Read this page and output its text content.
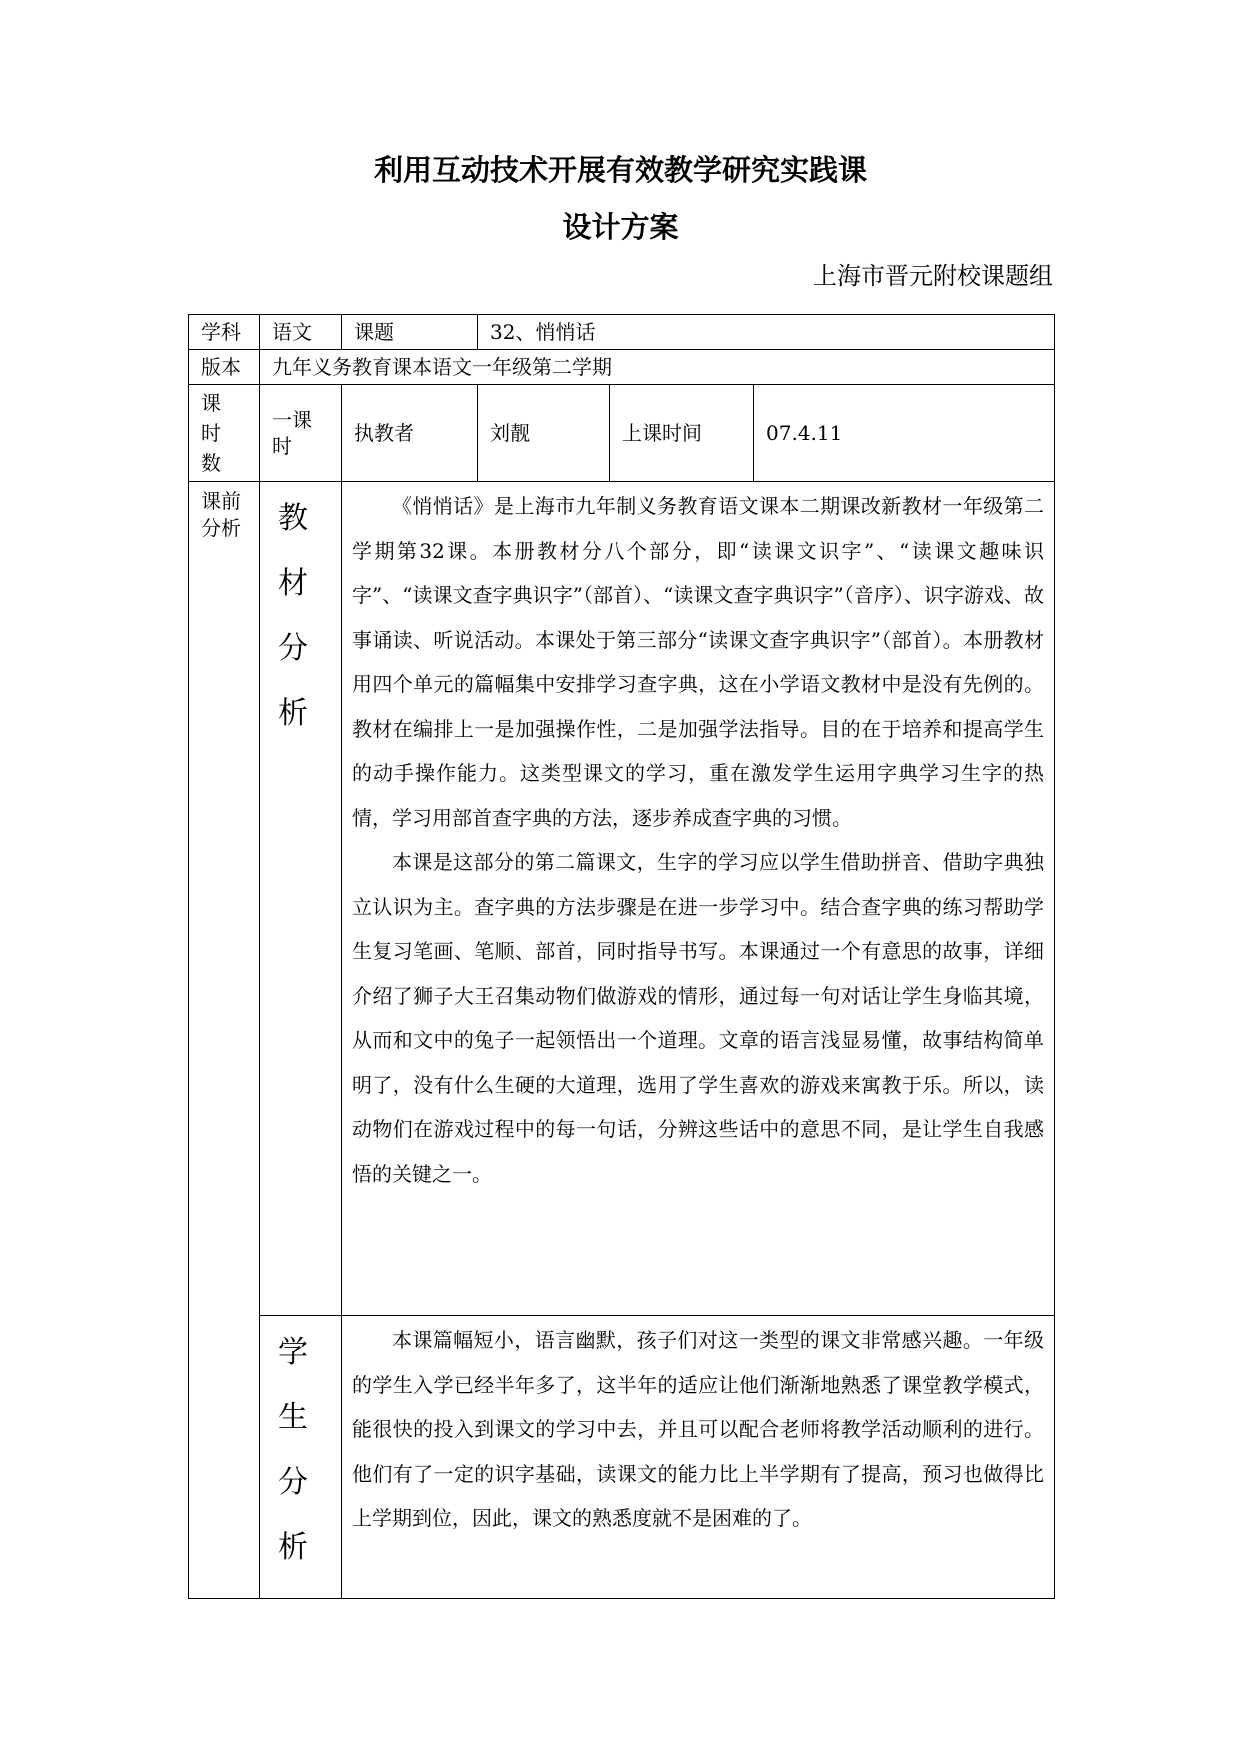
利用互动技术开展有效教学研究实践课
设计方案
上海市晋元附校课题组
学科	语文	课题	32、悄悄话		
版本	九年义务教育课本语文一年级第二学期				
课 时 数	一课时	执教者	刘靓	上课时间	07.4.11
课前分析	教材分析	《悄悄话》是上海市九年制义务教育语文课本二期课改新教材一年级第二学期第32课。本册教材分八个部分，即“读课文识字”、“读课文趣味识字”、“读课文查字典识字”（部首）、“读课文查字典识字”（音序）、识字游戏、故事诵读、听说活动。本课处于第三部分“读课文查字典识字”（部首）。本册教材用四个单元的篇幅集中安排学习查字典，这在小学语文教材中是没有先例的。教材在编排上一是加强操作性，二是加强学法指导。目的在于培养和提高学生的动手操作能力。这类型课文的学习，重在激发学生运用字典学习生字的热情，学习用部首查字典的方法，逐步养成查字典的习惯。

本课是这部分的第二篇课文，生字的学习应以学生借助拼音、借助字典独立认识为主。查字典的方法步骤是在进一步学习中。结合查字典的练习帮助学生复习笔画、笔顺、部首，同时指导书写。本课通过一个有意思的故事，详细介绍了狮子大王召集动物们做游戏的情形，通过每一句对话让学生身临其境，从而和文中的兔子一起领悟出一个道理。文章的语言浅显易懂，故事结构简单明了，没有什么生硬的大道理，选用了学生喜欢的游戏来寓教于乐。所以，读动物们在游戏过程中的每一句话，分辨这些话中的意思不同，是让学生自我感悟的关键之一。			

	学生分析	本课篇幅短小，语言幽默，孩子们对这一类型的课文非常感兴趣。一年级的学生入学已经半年多了，这半年的适应让他们渐渐地熟悉了课堂教学模式，能很快的投入到课文的学习中去，并且可以配合老师将教学活动顺利的进行。他们有了一定的识字基础，读课文的能力比上半学期有了提高，预习也做得比上学期到位，因此，课文的熟悉度就不是困难的了。			
